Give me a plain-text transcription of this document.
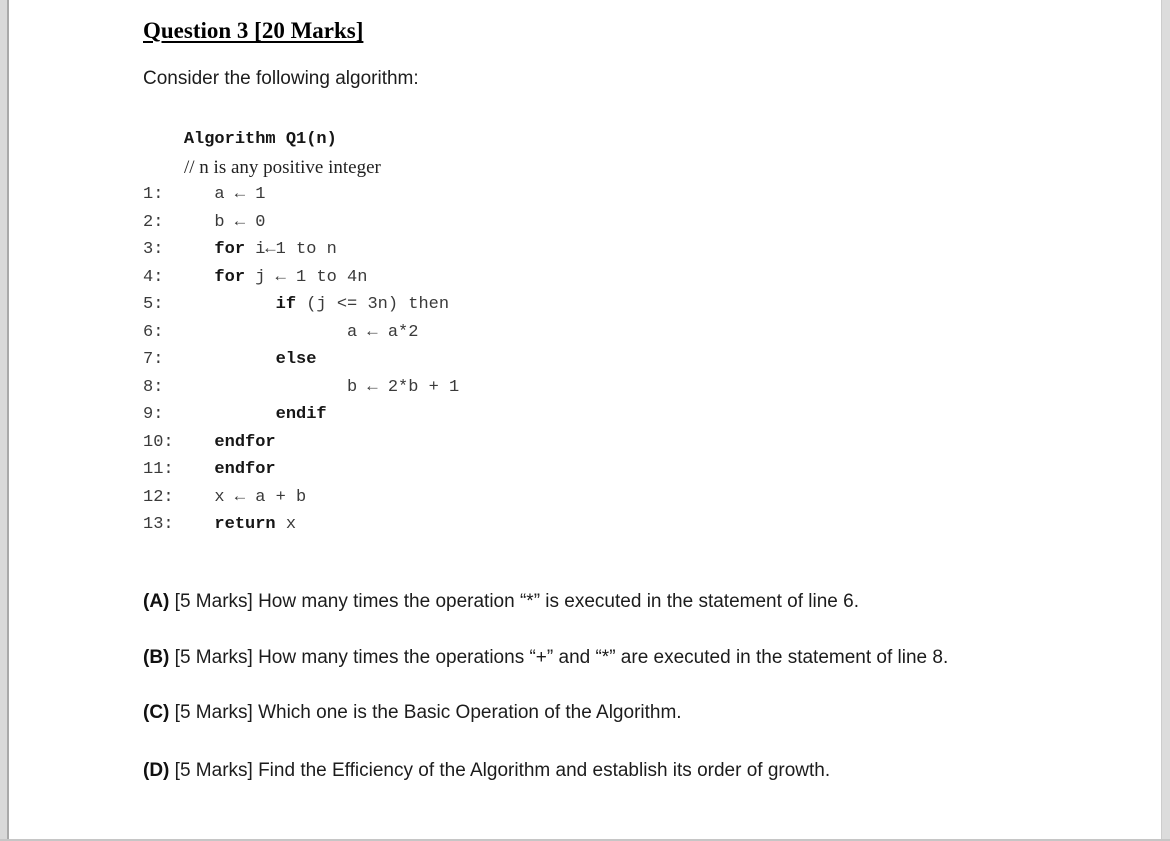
Question 3 [20 Marks]
Consider the following algorithm:
Algorithm Q1(n)
// n is any positive integer
1:     a ← 1
2:     b ← 0
3:     for i←1 to n
4:     for j ← 1 to 4n
5:           if (j <= 3n) then
6:                  a ← a*2
7:           else
8:                  b ← 2*b + 1
9:           endif
10:    endfor
11:    endfor
12:    x ← a + b
13:    return x
(A) [5 Marks] How many times the operation “*” is executed in the statement of line 6.
(B) [5 Marks] How many times the operations “+” and “*” are executed in the statement of line 8.
(C) [5 Marks] Which one is the Basic Operation of the Algorithm.
(D) [5 Marks] Find the Efficiency of the Algorithm and establish its order of growth.
